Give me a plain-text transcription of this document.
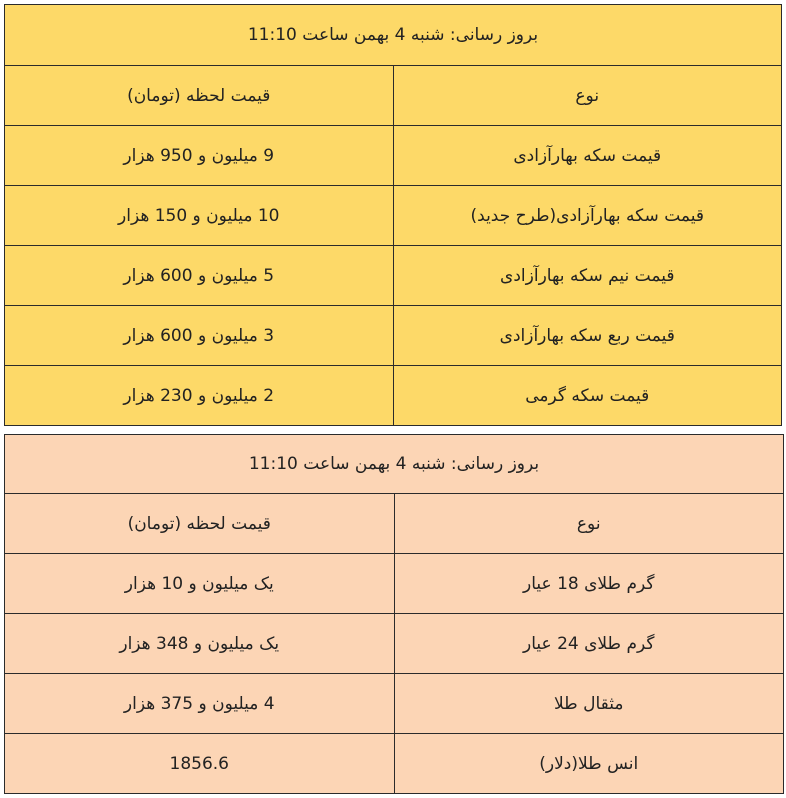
بروز رسانی: شنبه 4 بهمن ساعت 11:10	
نوع	قیمت لحظه (تومان)
قیمت سکه بهارآزادی	9 میلیون و 950 هزار
قیمت سکه بهارآزادی(طرح جدید)	10 میلیون و 150 هزار
قیمت نیم سکه بهارآزادی	5 میلیون و 600 هزار
قیمت ربع سکه بهارآزادی	3 میلیون و 600 هزار
قیمت سکه گرمی	2 میلیون و 230 هزار
بروز رسانی: شنبه 4 بهمن ساعت 11:10	
نوع	قیمت لحظه (تومان)
گرم طلای 18 عیار	یک میلیون و 10 هزار
گرم طلای 24 عیار	یک میلیون و 348 هزار
مثقال طلا	4 میلیون و 375 هزار
انس طلا(دلار)	1856.6
